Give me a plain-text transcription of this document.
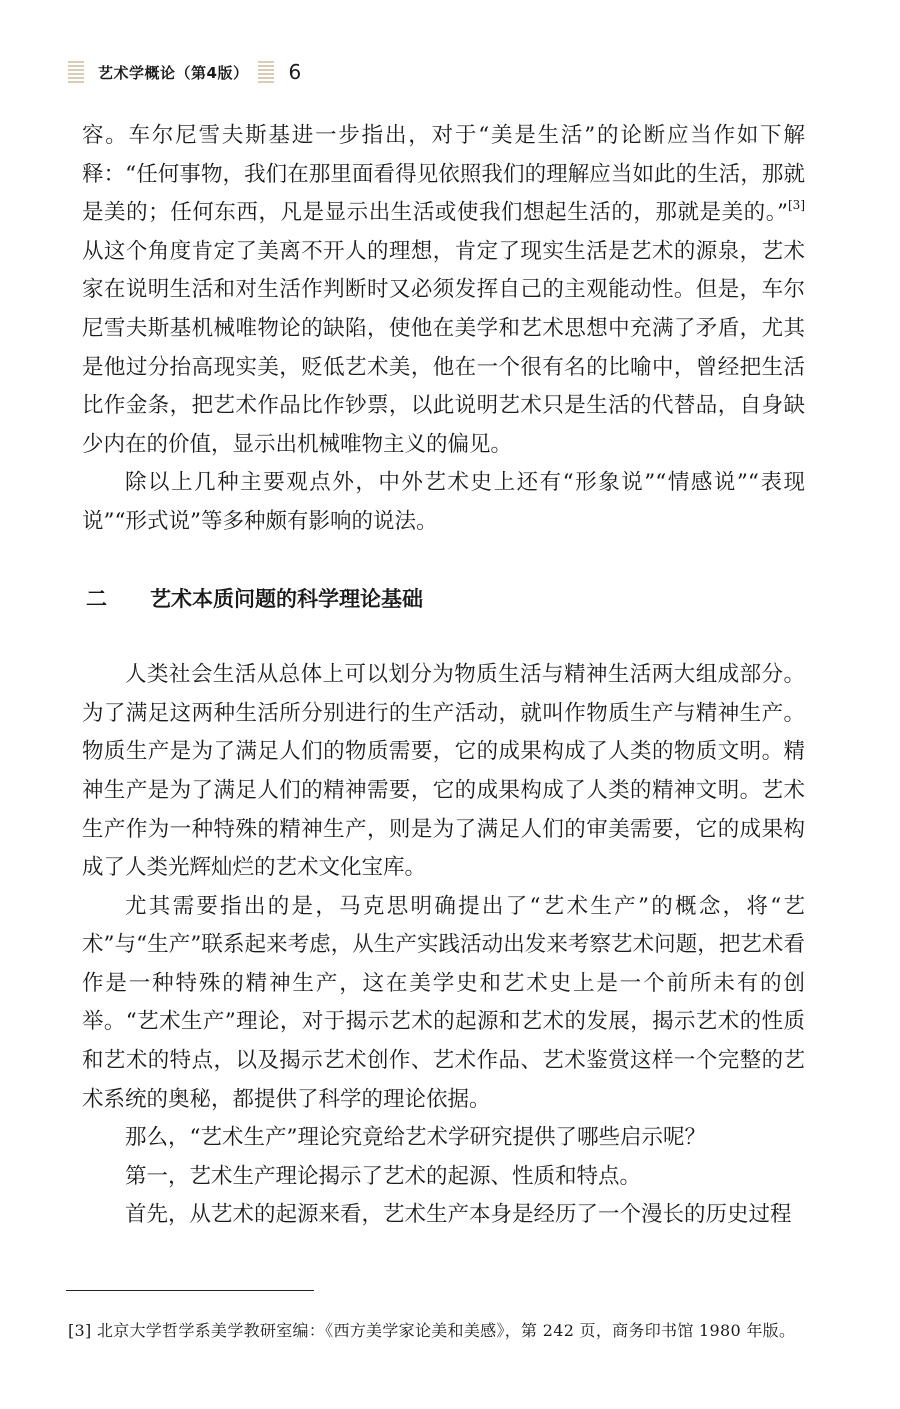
艺术学概论（第4版） 6

容。车尔尼雪夫斯基进一步指出，对于“美是生活”的论断应当作如下解释：“任何事物，我们在那里面看得见依照我们的理解应当如此的生活，那就是美的；任何东西，凡是显示出生活或使我们想起生活的，那就是美的。”[3]从这个角度肯定了美离不开人的理想，肯定了现实生活是艺术的源泉，艺术家在说明生活和对生活作判断时又必须发挥自己的主观能动性。但是，车尔尼雪夫斯基机械唯物论的缺陷，使他在美学和艺术思想中充满了矛盾，尤其是他过分抬高现实美，贬低艺术美，他在一个很有名的比喻中，曾经把生活比作金条，把艺术作品比作钞票，以此说明艺术只是生活的代替品，自身缺少内在的价值，显示出机械唯物主义的偏见。

除以上几种主要观点外，中外艺术史上还有“形象说”“情感说”“表现说”“形式说”等多种颇有影响的说法。

二 艺术本质问题的科学理论基础

人类社会生活从总体上可以划分为物质生活与精神生活两大组成部分。为了满足这两种生活所分别进行的生产活动，就叫作物质生产与精神生产。物质生产是为了满足人们的物质需要，它的成果构成了人类的物质文明。精神生产是为了满足人们的精神需要，它的成果构成了人类的精神文明。艺术生产作为一种特殊的精神生产，则是为了满足人们的审美需要，它的成果构成了人类光辉灿烂的艺术文化宝库。

尤其需要指出的是，马克思明确提出了“艺术生产”的概念，将“艺术”与“生产”联系起来考虑，从生产实践活动出发来考察艺术问题，把艺术看作是一种特殊的精神生产，这在美学史和艺术史上是一个前所未有的创举。“艺术生产”理论，对于揭示艺术的起源和艺术的发展，揭示艺术的性质和艺术的特点，以及揭示艺术创作、艺术作品、艺术鉴赏这样一个完整的艺术系统的奥秘，都提供了科学的理论依据。

那么，“艺术生产”理论究竟给艺术学研究提供了哪些启示呢？

第一，艺术生产理论揭示了艺术的起源、性质和特点。

首先，从艺术的起源来看，艺术生产本身是经历了一个漫长的历史过程

[3] 北京大学哲学系美学教研室编：《西方美学家论美和美感》，第 242 页，商务印书馆 1980 年版。
